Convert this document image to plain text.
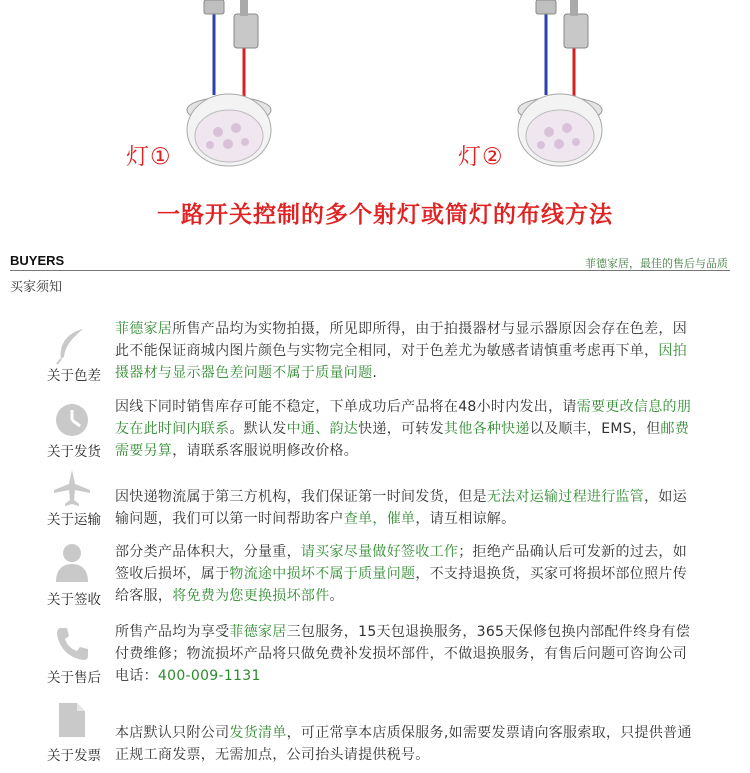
灯①	灯②
一路开关控制的多个射灯或筒灯的布线方法
BUYERS	菲德家居，最佳的售后与品质
买家须知
关于色差
菲德家居所售产品均为实物拍摄，所见即所得，由于拍摄器材与显示器原因会存在色差，因此不能保证商城内图片颜色与实物完全相同，对于色差尤为敏感者请慎重考虑再下单，因拍摄器材与显示器色差问题不属于质量问题.
关于发货
因线下同时销售库存可能不稳定，下单成功后产品将在48小时内发出，请需要更改信息的朋友在此时间内联系。默认发中通、韵达快递，可转发其他各种快递以及顺丰，EMS，但邮费需要另算，请联系客服说明修改价格。
关于运输
因快递物流属于第三方机构，我们保证第一时间发货，但是无法对运输过程进行监管，如运输问题，我们可以第一时间帮助客户查单，催单，请互相谅解。
关于签收
部分类产品体积大，分量重，请买家尽量做好签收工作；拒绝产品确认后可发新的过去，如签收后损坏，属于物流途中损坏不属于质量问题，不支持退换货，买家可将损坏部位照片传给客服，将免费为您更换损坏部件。
关于售后
所售产品均为享受菲德家居三包服务，15天包退换服务，365天保修包换内部配件终身有偿付费维修；物流损坏产品将只做免费补发损坏部件，不做退换服务，有售后问题可咨询公司电话：400-009-1131
关于发票
本店默认只附公司发货清单，可正常享本店质保服务,如需要发票请向客服索取，只提供普通正规工商发票，无需加点，公司抬头请提供税号。
